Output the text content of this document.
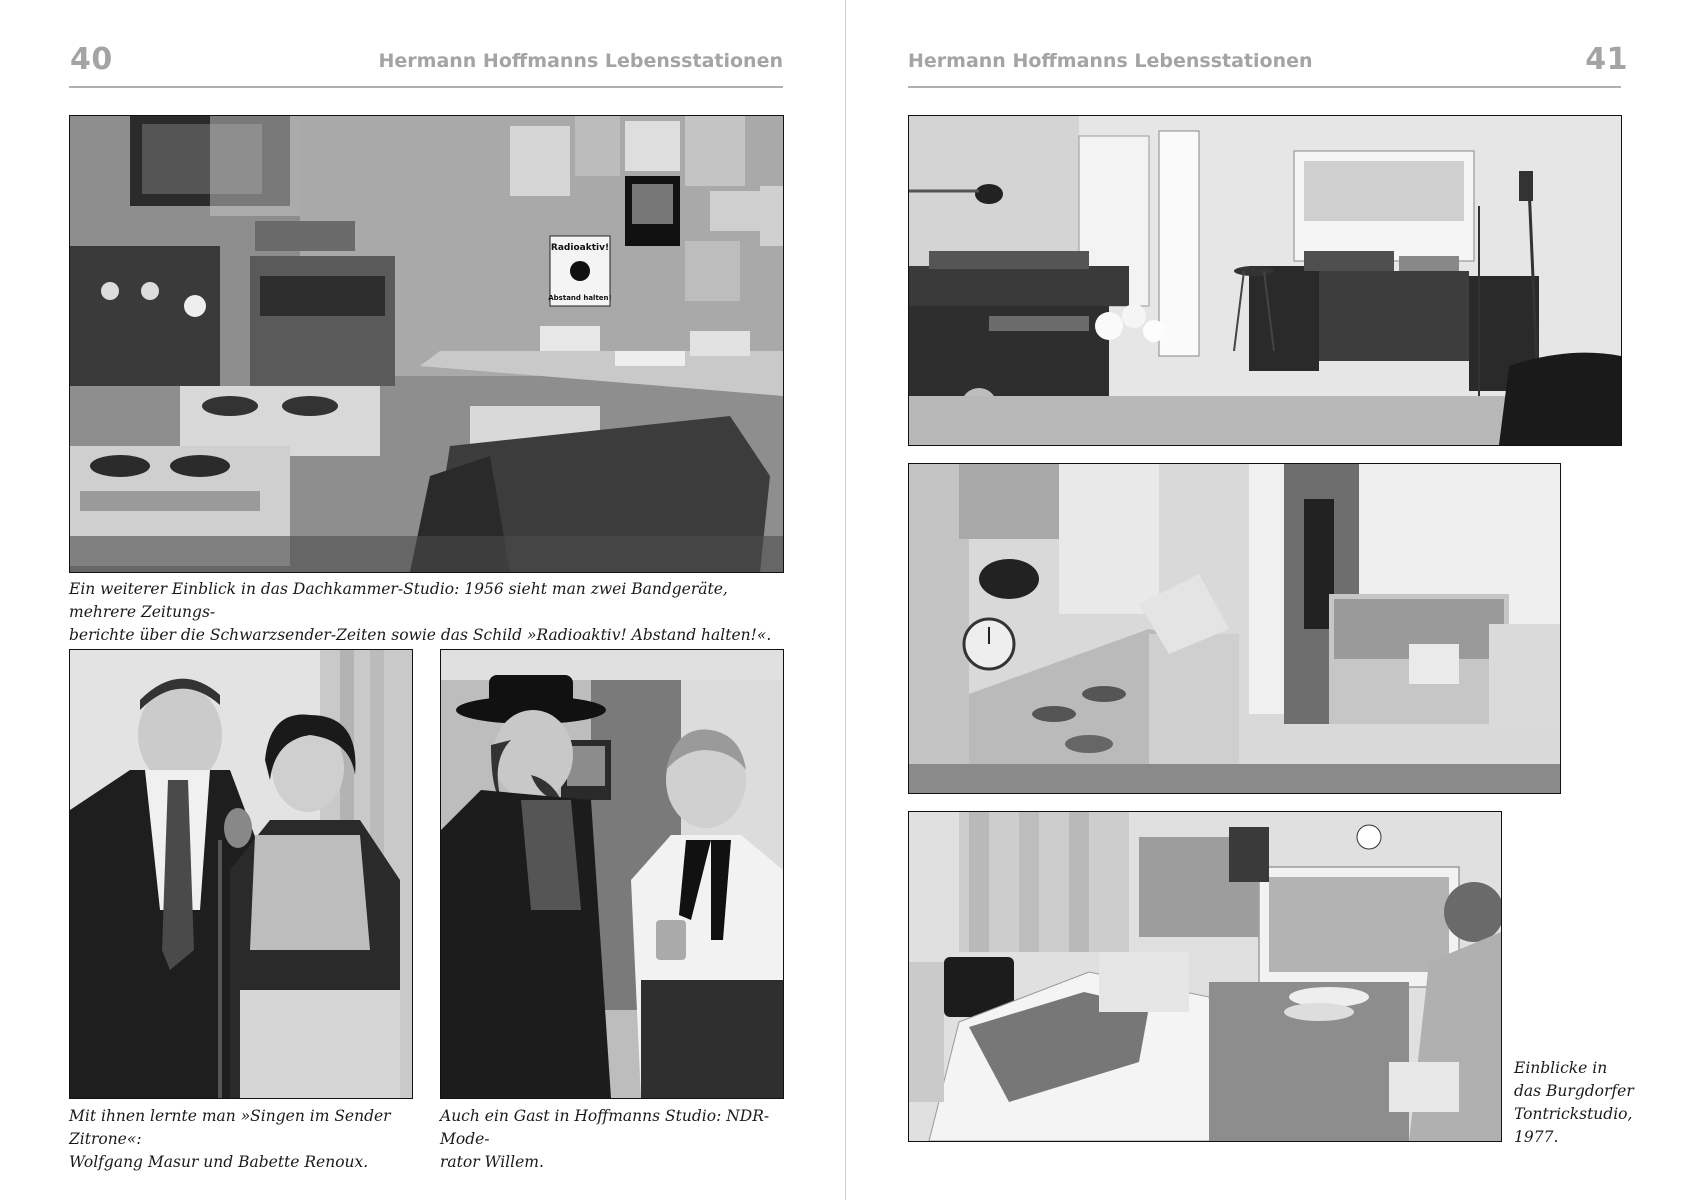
40	Hermann Hoffmanns Lebensstationen
Radioaktiv!
Abstand halten!
Ein weiterer Einblick in das Dachkammer-Studio: 1956 sieht man zwei Bandgeräte, mehrere Zeitungs-
berichte über die Schwarzsender-Zeiten sowie das Schild »Radioaktiv! Abstand halten!«.
Mit ihnen lernte man »Singen im Sender Zitrone«:
Wolfgang Masur und Babette Renoux.
Auch ein Gast in Hoffmanns Studio: NDR-Mode-
rator Willem.
Hermann Hoffmanns Lebensstationen	41
Einblicke in
das Burgdorfer
Tontrickstudio,
1977.
